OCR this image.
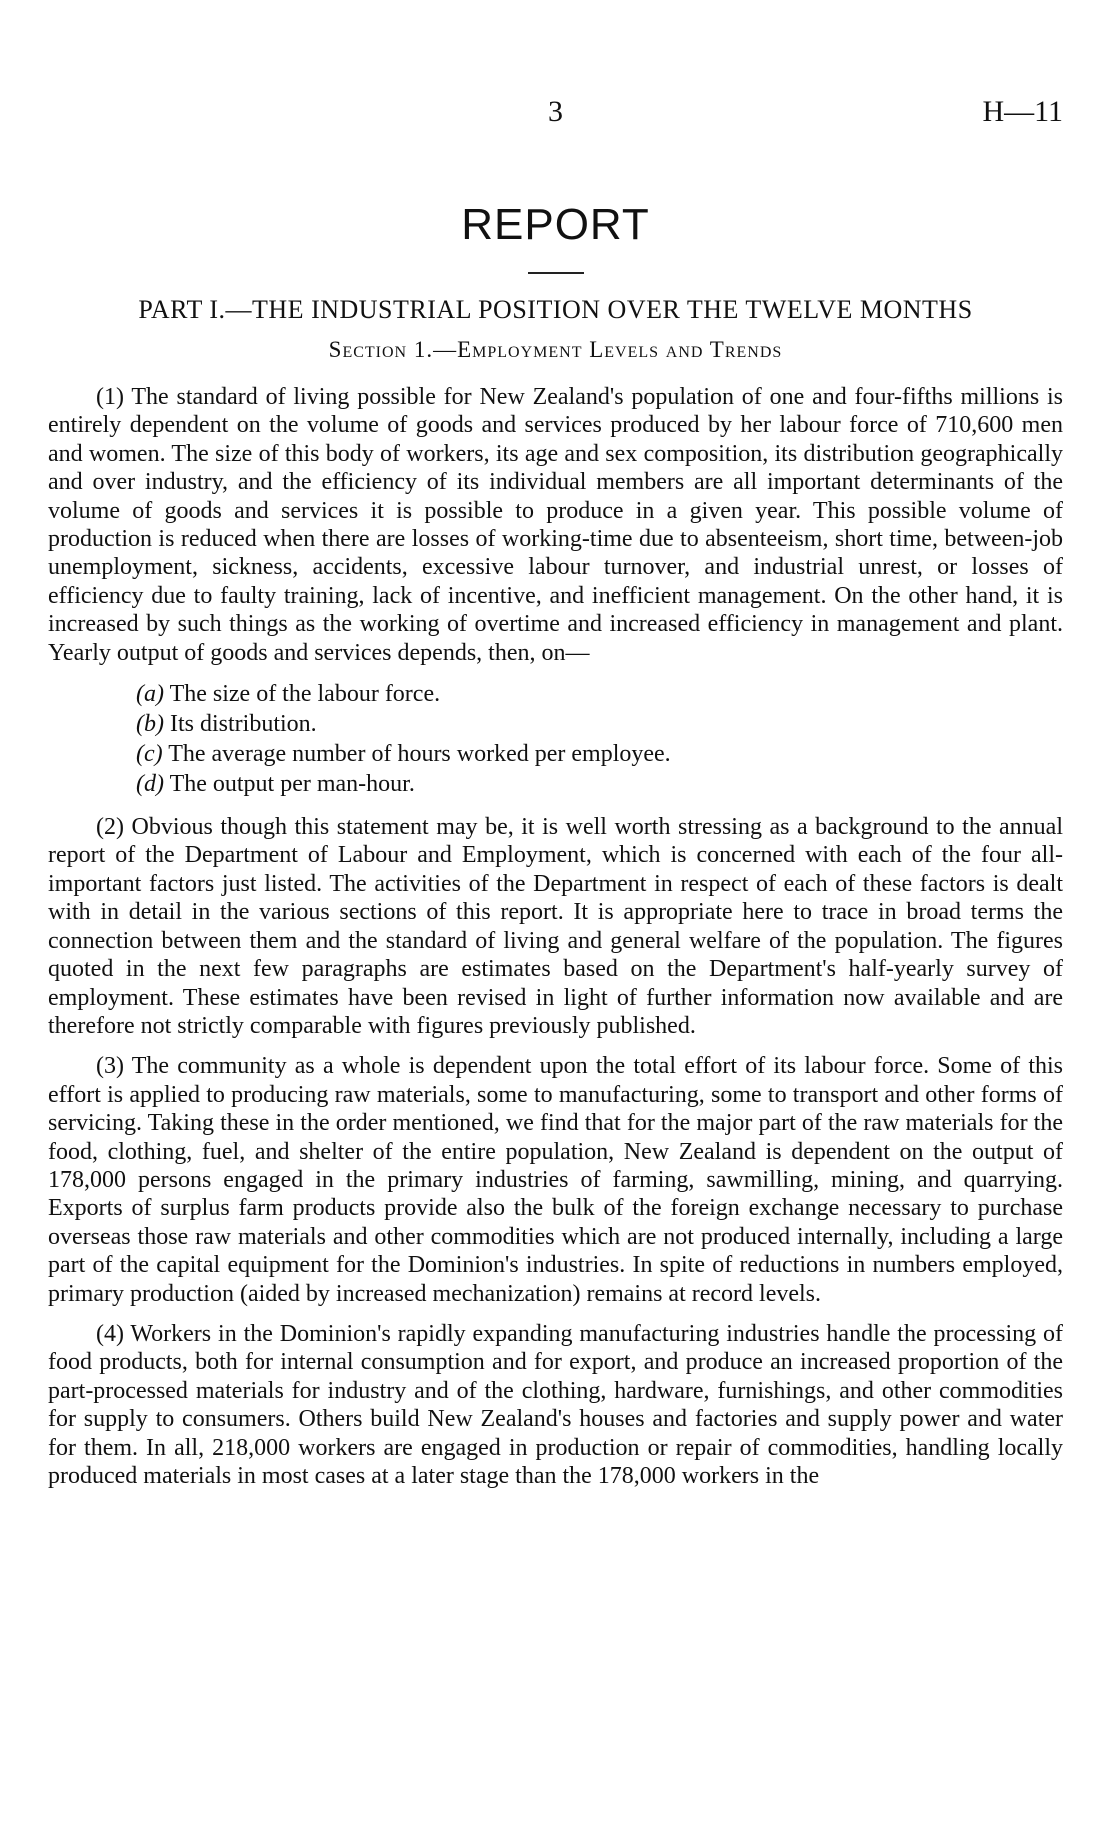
3	H—11
REPORT
PART I.—THE INDUSTRIAL POSITION OVER THE TWELVE MONTHS
Section 1.—Employment Levels and Trends

(1) The standard of living possible for New Zealand's population of one and four-fifths millions is entirely dependent on the volume of goods and services produced by her labour force of 710,600 men and women. The size of this body of workers, its age and sex composition, its distribution geographically and over industry, and the efficiency of its individual members are all important determinants of the volume of goods and services it is possible to produce in a given year. This possible volume of production is reduced when there are losses of working-time due to absenteeism, short time, between-job unemployment, sickness, accidents, excessive labour turnover, and industrial unrest, or losses of efficiency due to faulty training, lack of incentive, and inefficient management. On the other hand, it is increased by such things as the working of overtime and increased efficiency in management and plant. Yearly output of goods and services depends, then, on—

(a) The size of the labour force.
(b) Its distribution.
(c) The average number of hours worked per employee.
(d) The output per man-hour.

(2) Obvious though this statement may be, it is well worth stressing as a background to the annual report of the Department of Labour and Employment, which is concerned with each of the four all-important factors just listed. The activities of the Department in respect of each of these factors is dealt with in detail in the various sections of this report. It is appropriate here to trace in broad terms the connection between them and the standard of living and general welfare of the population. The figures quoted in the next few paragraphs are estimates based on the Department's half-yearly survey of employment. These estimates have been revised in light of further information now available and are therefore not strictly comparable with figures previously published.

(3) The community as a whole is dependent upon the total effort of its labour force. Some of this effort is applied to producing raw materials, some to manufacturing, some to transport and other forms of servicing. Taking these in the order mentioned, we find that for the major part of the raw materials for the food, clothing, fuel, and shelter of the entire population, New Zealand is dependent on the output of 178,000 persons engaged in the primary industries of farming, sawmilling, mining, and quarrying. Exports of surplus farm products provide also the bulk of the foreign exchange necessary to purchase overseas those raw materials and other commodities which are not produced internally, including a large part of the capital equipment for the Dominion's industries. In spite of reductions in numbers employed, primary production (aided by increased mechanization) remains at record levels.

(4) Workers in the Dominion's rapidly expanding manufacturing industries handle the processing of food products, both for internal consumption and for export, and produce an increased proportion of the part-processed materials for industry and of the clothing, hardware, furnishings, and other commodities for supply to consumers. Others build New Zealand's houses and factories and supply power and water for them. In all, 218,000 workers are engaged in production or repair of commodities, handling locally produced materials in most cases at a later stage than the 178,000 workers in the
